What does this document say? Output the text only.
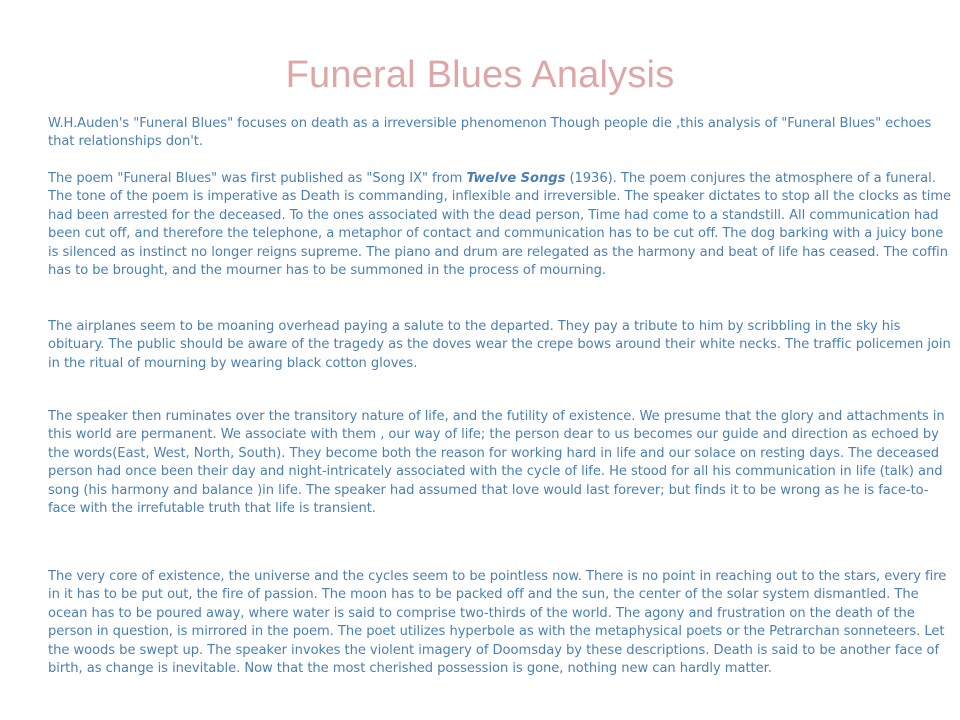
Funeral Blues Analysis

W.H.Auden's "Funeral Blues" focuses on death as a irreversible phenomenon Though people die ,this analysis of "Funeral Blues" echoes that relationships don't.

The poem "Funeral Blues" was first published as "Song IX" from Twelve Songs (1936). The poem conjures the atmosphere of a funeral. The tone of the poem is imperative as Death is commanding, inflexible and irreversible. The speaker dictates to stop all the clocks as time had been arrested for the deceased. To the ones associated with the dead person, Time had come to a standstill. All communication had been cut off, and therefore the telephone, a metaphor of contact and communication has to be cut off. The dog barking with a juicy bone is silenced as instinct no longer reigns supreme. The piano and drum are relegated as the harmony and beat of life has ceased. The coffin has to be brought, and the mourner has to be summoned in the process of mourning.

The airplanes seem to be moaning overhead paying a salute to the departed. They pay a tribute to him by scribbling in the sky his obituary. The public should be aware of the tragedy as the doves wear the crepe bows around their white necks. The traffic policemen join in the ritual of mourning by wearing black cotton gloves.

The speaker then ruminates over the transitory nature of life, and the futility of existence. We presume that the glory and attachments in this world are permanent. We associate with them , our way of life; the person dear to us becomes our guide and direction as echoed by the words(East, West, North, South). They become both the reason for working hard in life and our solace on resting days. The deceased person had once been their day and night-intricately associated with the cycle of life. He stood for all his communication in life (talk) and song (his harmony and balance )in life. The speaker had assumed that love would last forever; but finds it to be wrong as he is face-to-face with the irrefutable truth that life is transient.

The very core of existence, the universe and the cycles seem to be pointless now. There is no point in reaching out to the stars, every fire in it has to be put out, the fire of passion. The moon has to be packed off and the sun, the center of the solar system dismantled. The ocean has to be poured away, where water is said to comprise two-thirds of the world. The agony and frustration on the death of the person in question, is mirrored in the poem. The poet utilizes hyperbole as with the metaphysical poets or the Petrarchan sonneteers. Let the woods be swept up. The speaker invokes the violent imagery of Doomsday by these descriptions. Death is said to be another face of birth, as change is inevitable. Now that the most cherished possession is gone, nothing new can hardly matter.
